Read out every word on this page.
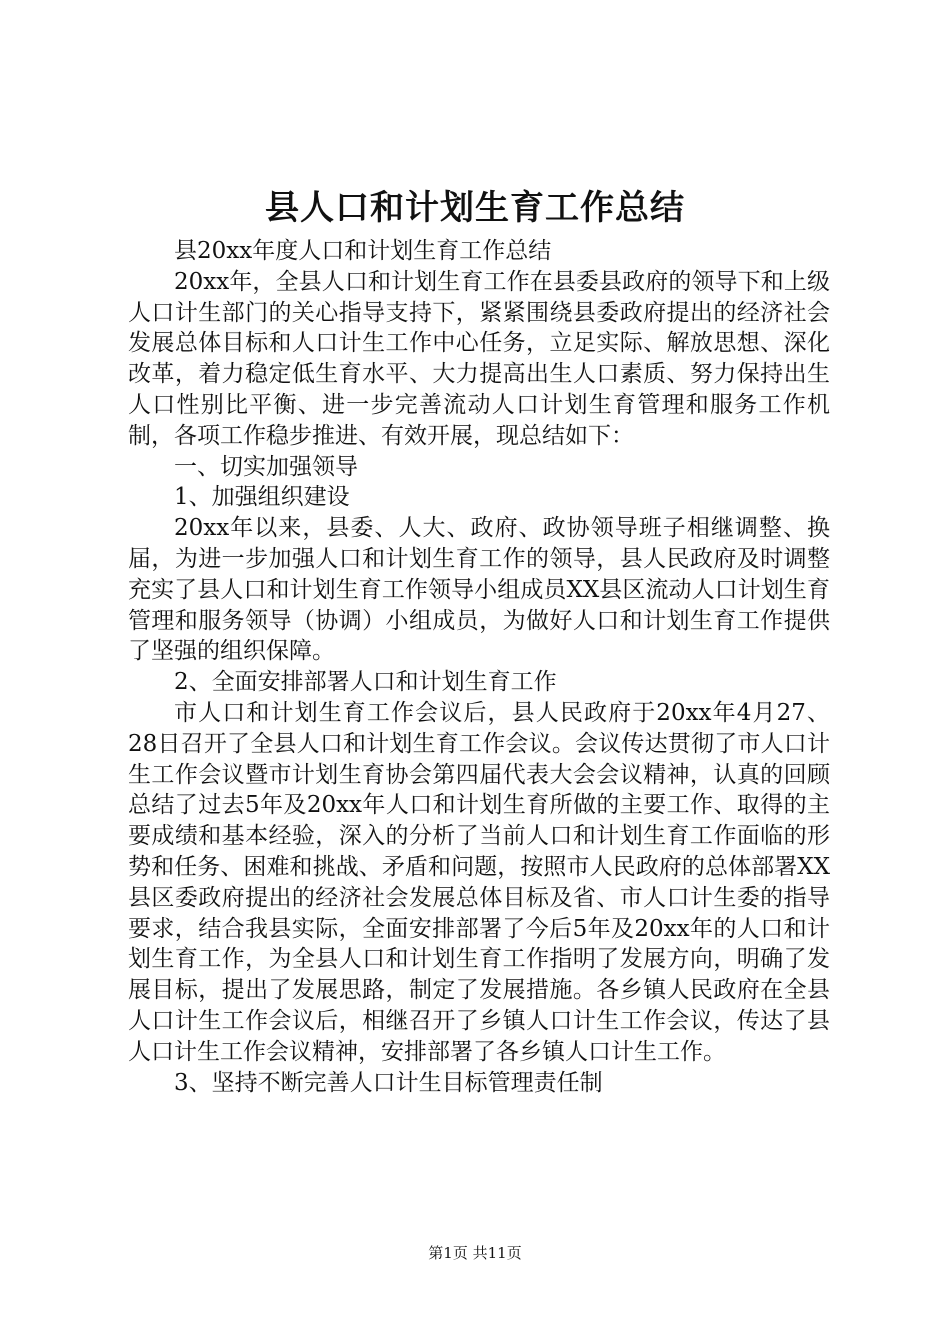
县人口和计划生育工作总结

县20xx年度人口和计划生育工作总结

20xx年，全县人口和计划生育工作在县委县政府的领导下和上级人口计生部门的关心指导支持下，紧紧围绕县委政府提出的经济社会发展总体目标和人口计生工作中心任务，立足实际、解放思想、深化改革，着力稳定低生育水平、大力提高出生人口素质、努力保持出生人口性别比平衡、进一步完善流动人口计划生育管理和服务工作机制，各项工作稳步推进、有效开展，现总结如下：

一、切实加强领导

1、加强组织建设

20xx年以来，县委、人大、政府、政协领导班子相继调整、换届，为进一步加强人口和计划生育工作的领导，县人民政府及时调整充实了县人口和计划生育工作领导小组成员XX县区流动人口计划生育管理和服务领导（协调）小组成员，为做好人口和计划生育工作提供了坚强的组织保障。

2、全面安排部署人口和计划生育工作

市人口和计划生育工作会议后，县人民政府于20xx年4月27、28日召开了全县人口和计划生育工作会议。会议传达贯彻了市人口计生工作会议暨市计划生育协会第四届代表大会会议精神，认真的回顾总结了过去5年及20xx年人口和计划生育所做的主要工作、取得的主要成绩和基本经验，深入的分析了当前人口和计划生育工作面临的形势和任务、困难和挑战、矛盾和问题，按照市人民政府的总体部署XX县区委政府提出的经济社会发展总体目标及省、市人口计生委的指导要求，结合我县实际，全面安排部署了今后5年及20xx年的人口和计划生育工作，为全县人口和计划生育工作指明了发展方向，明确了发展目标，提出了发展思路，制定了发展措施。各乡镇人民政府在全县人口计生工作会议后，相继召开了乡镇人口计生工作会议，传达了县人口计生工作会议精神，安排部署了各乡镇人口计生工作。

3、坚持不断完善人口计生目标管理责任制

第1页 共11页
